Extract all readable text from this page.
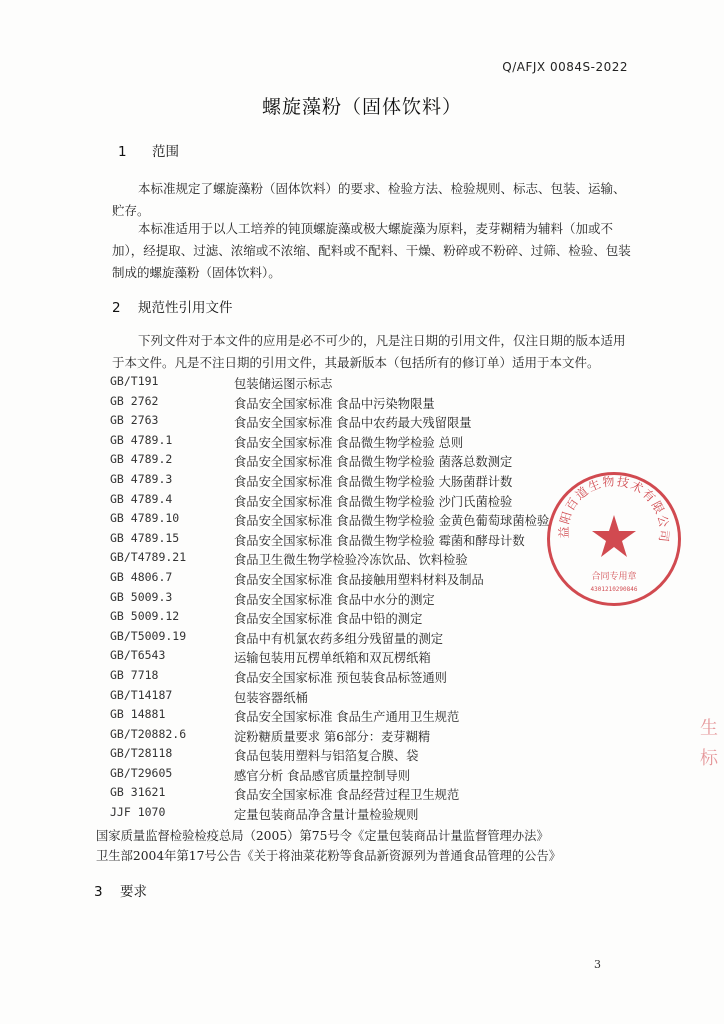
Q/AFJX 0084S-2022
螺旋藻粉（固体饮料）
1 范围
本标准规定了螺旋藻粉（固体饮料）的要求、检验方法、检验规则、标志、包装、运输、贮存。
本标准适用于以人工培养的钝顶螺旋藻或极大螺旋藻为原料，麦芽糊精为辅料（加或不加），经提取、过滤、浓缩或不浓缩、配料或不配料、干燥、粉碎或不粉碎、过筛、检验、包装制成的螺旋藻粉（固体饮料）。
2 规范性引用文件
下列文件对于本文件的应用是必不可少的，凡是注日期的引用文件，仅注日期的版本适用于本文件。凡是不注日期的引用文件，其最新版本（包括所有的修订单）适用于本文件。
GB/T191	包装储运图示标志
GB 2762	食品安全国家标准 食品中污染物限量
GB 2763	食品安全国家标准 食品中农药最大残留限量
GB 4789.1	食品安全国家标准 食品微生物学检验 总则
GB 4789.2	食品安全国家标准 食品微生物学检验 菌落总数测定
GB 4789.3	食品安全国家标准 食品微生物学检验 大肠菌群计数
GB 4789.4	食品安全国家标准 食品微生物学检验 沙门氏菌检验
GB 4789.10	食品安全国家标准 食品微生物学检验 金黄色葡萄球菌检验
GB 4789.15	食品安全国家标准 食品微生物学检验 霉菌和酵母计数
GB/T4789.21	食品卫生微生物学检验冷冻饮品、饮料检验
GB 4806.7	食品安全国家标准 食品接触用塑料材料及制品
GB 5009.3	食品安全国家标准 食品中水分的测定
GB 5009.12	食品安全国家标准 食品中铅的测定
GB/T5009.19	食品中有机氯农药多组分残留量的测定
GB/T6543	运输包装用瓦楞单纸箱和双瓦楞纸箱
GB 7718	食品安全国家标准 预包装食品标签通则
GB/T14187	包装容器纸桶
GB 14881	食品安全国家标准 食品生产通用卫生规范
GB/T20882.6	淀粉糖质量要求 第6部分：麦芽糊精
GB/T28118	食品包装用塑料与铝箔复合膜、袋
GB/T29605	感官分析 食品感官质量控制导则
GB 31621	食品安全国家标准 食品经营过程卫生规范
JJF 1070	定量包装商品净含量计量检验规则
国家质量监督检验检疫总局（2005）第75号令《定量包装商品计量监督管理办法》
卫生部2004年第17号公告《关于将油菜花粉等食品新资源列为普通食品管理的公告》
3 要求
3
益阳百道生物技术有限公司
合同专用章
4301210290846
生
标
